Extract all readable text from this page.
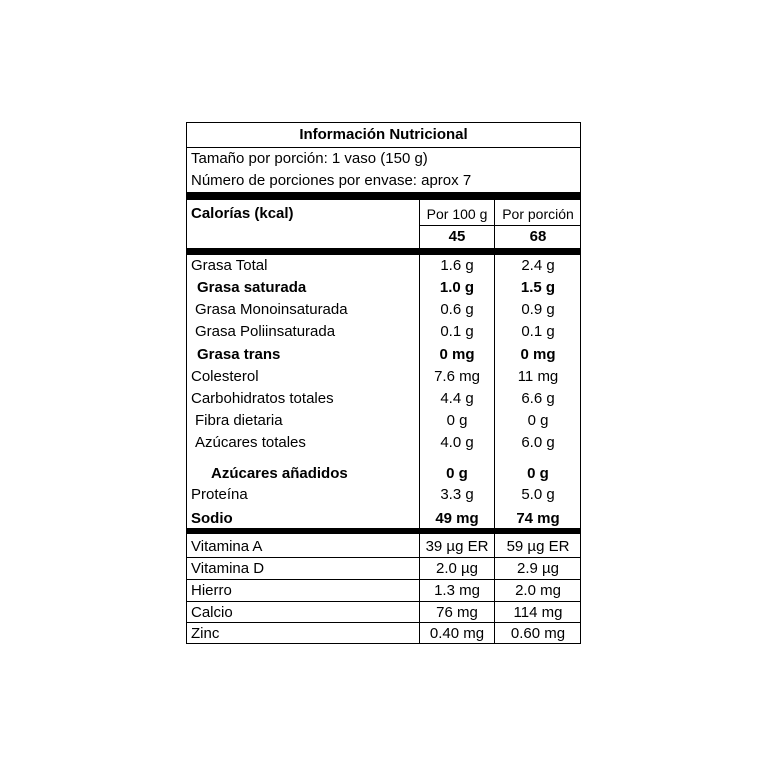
Información Nutricional
Tamaño por porción: 1 vaso (150 g)
Número de porciones por envase: aprox 7
Calorías (kcal)	Por 100 g	Por porción
45	68
Grasa Total	1.6 g	2.4 g
Grasa saturada	1.0 g	1.5 g
Grasa Monoinsaturada	0.6 g	0.9 g
Grasa Poliinsaturada	0.1 g	0.1 g
Grasa trans	0 mg	0 mg
Colesterol	7.6 mg	11 mg
Carbohidratos totales	4.4 g	6.6 g
Fibra dietaria	0 g	0 g
Azúcares totales	4.0 g	6.0 g
Azúcares añadidos	0 g	0 g
Proteína	3.3 g	5.0 g
Sodio	49 mg	74 mg
Vitamina A	39 µg ER	59 µg ER
Vitamina D	2.0 µg	2.9 µg
Hierro	1.3 mg	2.0 mg
Calcio	76 mg	114 mg
Zinc	0.40 mg	0.60 mg
